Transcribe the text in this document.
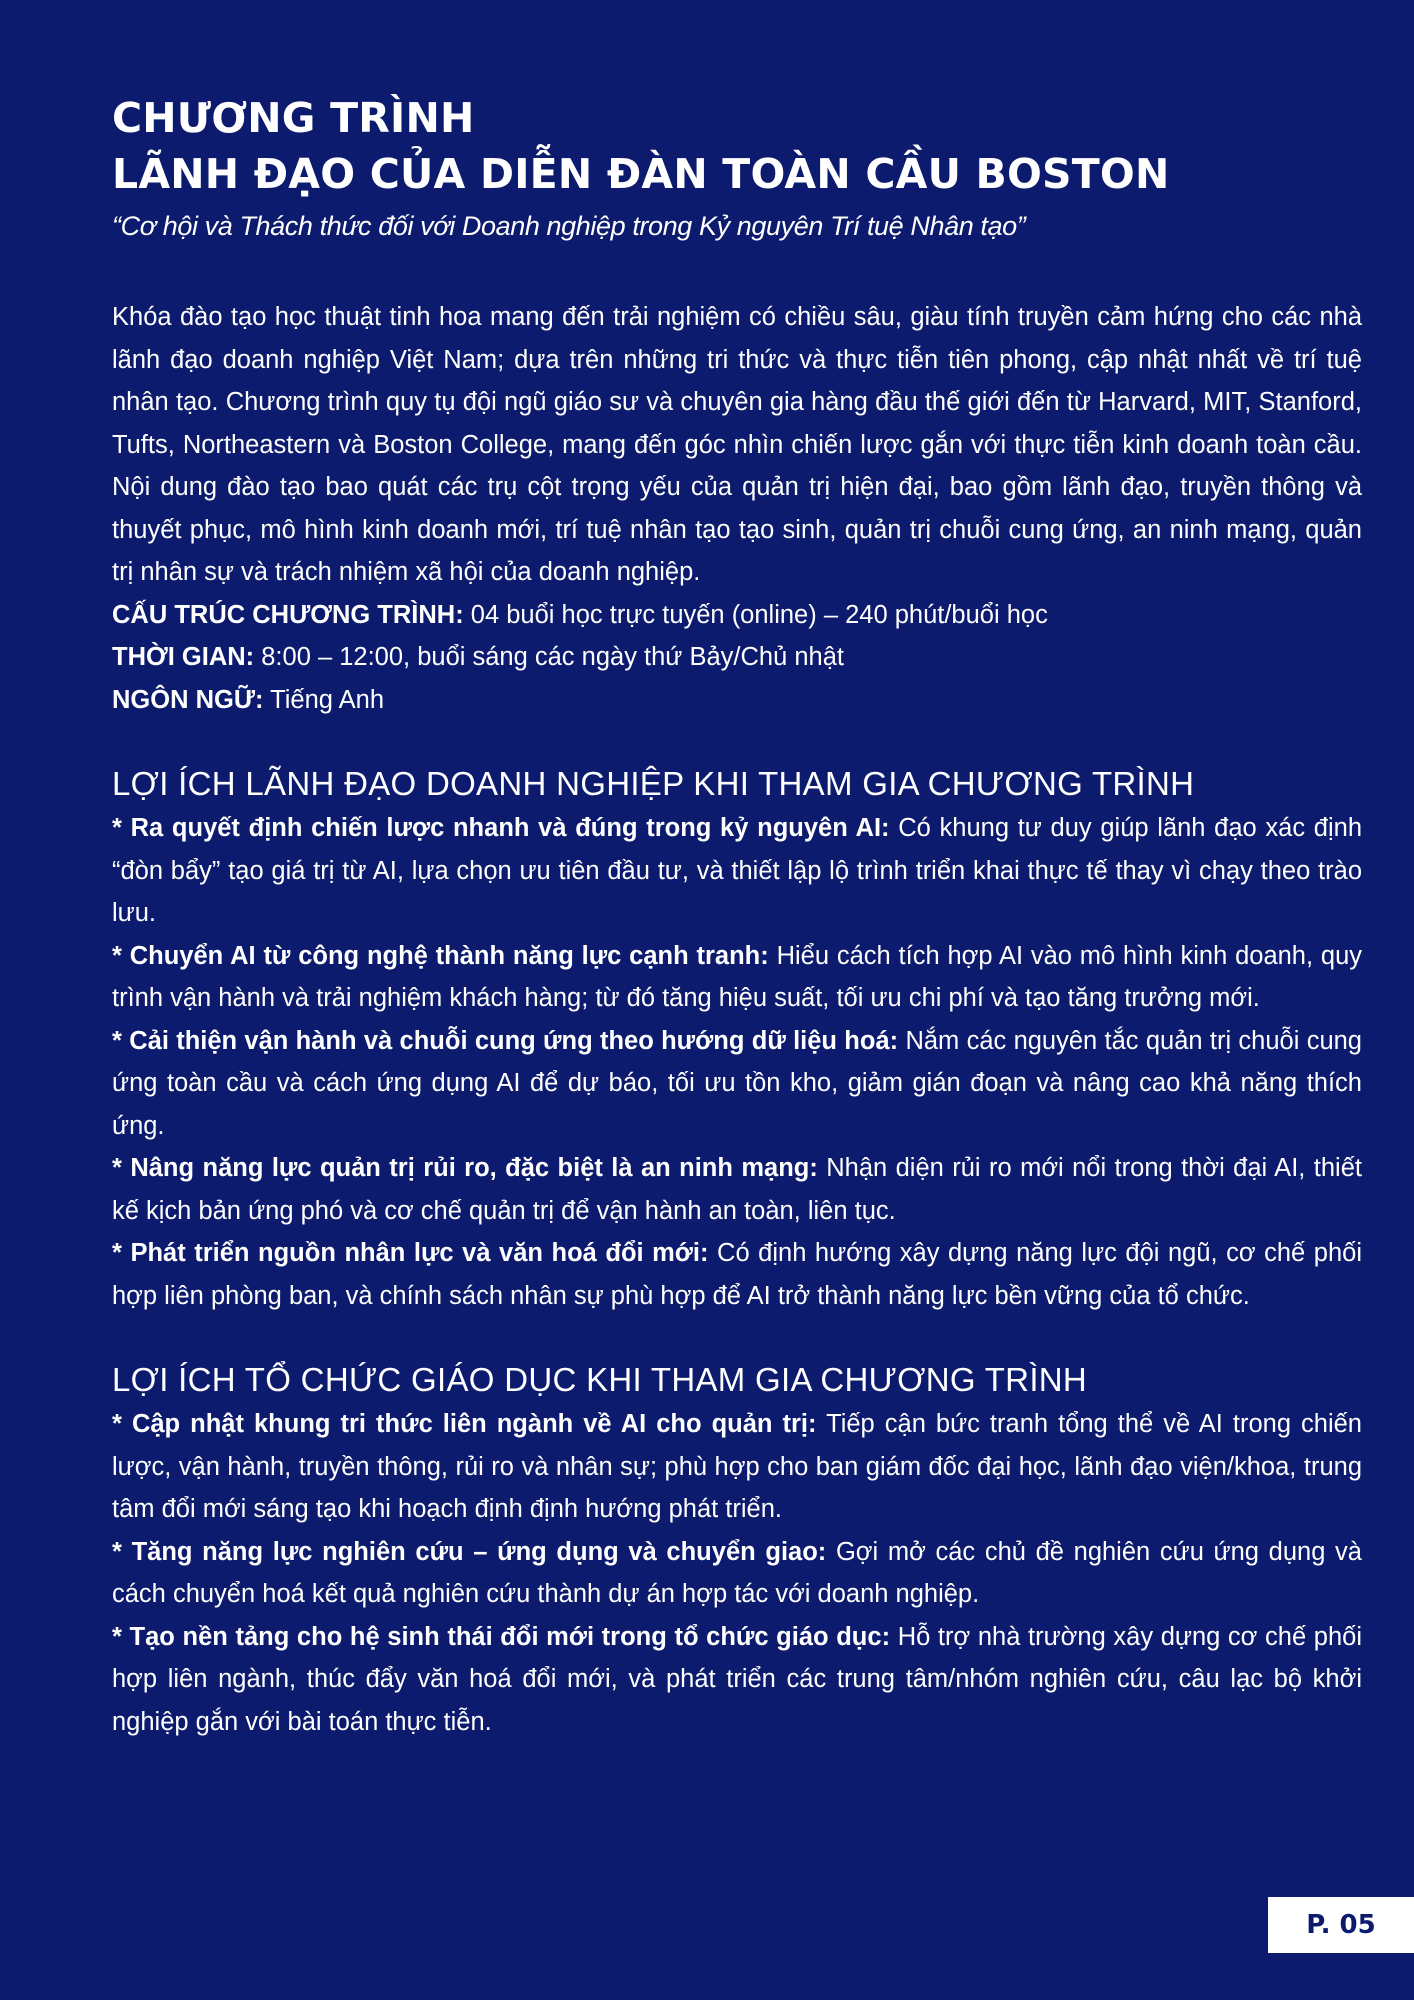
CHƯƠNG TRÌNH
LÃNH ĐẠO CỦA DIỄN ĐÀN TOÀN CẦU BOSTON

“Cơ hội và Thách thức đối với Doanh nghiệp trong Kỷ nguyên Trí tuệ Nhân tạo”

Khóa đào tạo học thuật tinh hoa mang đến trải nghiệm có chiều sâu, giàu tính truyền cảm hứng cho các nhà lãnh đạo doanh nghiệp Việt Nam; dựa trên những tri thức và thực tiễn tiên phong, cập nhật nhất về trí tuệ nhân tạo. Chương trình quy tụ đội ngũ giáo sư và chuyên gia hàng đầu thế giới đến từ Harvard, MIT, Stanford, Tufts, Northeastern và Boston College, mang đến góc nhìn chiến lược gắn với thực tiễn kinh doanh toàn cầu. Nội dung đào tạo bao quát các trụ cột trọng yếu của quản trị hiện đại, bao gồm lãnh đạo, truyền thông và thuyết phục, mô hình kinh doanh mới, trí tuệ nhân tạo tạo sinh, quản trị chuỗi cung ứng, an ninh mạng, quản trị nhân sự và trách nhiệm xã hội của doanh nghiệp.
CẤU TRÚC CHƯƠNG TRÌNH: 04 buổi học trực tuyến (online) – 240 phút/buổi học
THỜI GIAN: 8:00 – 12:00, buổi sáng các ngày thứ Bảy/Chủ nhật
NGÔN NGỮ: Tiếng Anh
LỢI ÍCH LÃNH ĐẠO DOANH NGHIỆP KHI THAM GIA CHƯƠNG TRÌNH
* Ra quyết định chiến lược nhanh và đúng trong kỷ nguyên AI: Có khung tư duy giúp lãnh đạo xác định “đòn bẩy” tạo giá trị từ AI, lựa chọn ưu tiên đầu tư, và thiết lập lộ trình triển khai thực tế thay vì chạy theo trào lưu.
* Chuyển AI từ công nghệ thành năng lực cạnh tranh: Hiểu cách tích hợp AI vào mô hình kinh doanh, quy trình vận hành và trải nghiệm khách hàng; từ đó tăng hiệu suất, tối ưu chi phí và tạo tăng trưởng mới.
* Cải thiện vận hành và chuỗi cung ứng theo hướng dữ liệu hoá: Nắm các nguyên tắc quản trị chuỗi cung ứng toàn cầu và cách ứng dụng AI để dự báo, tối ưu tồn kho, giảm gián đoạn và nâng cao khả năng thích ứng.
* Nâng năng lực quản trị rủi ro, đặc biệt là an ninh mạng: Nhận diện rủi ro mới nổi trong thời đại AI, thiết kế kịch bản ứng phó và cơ chế quản trị để vận hành an toàn, liên tục.
* Phát triển nguồn nhân lực và văn hoá đổi mới: Có định hướng xây dựng năng lực đội ngũ, cơ chế phối hợp liên phòng ban, và chính sách nhân sự phù hợp để AI trở thành năng lực bền vững của tổ chức.
LỢI ÍCH TỔ CHỨC GIÁO DỤC KHI THAM GIA CHƯƠNG TRÌNH
* Cập nhật khung tri thức liên ngành về AI cho quản trị: Tiếp cận bức tranh tổng thể về AI trong chiến lược, vận hành, truyền thông, rủi ro và nhân sự; phù hợp cho ban giám đốc đại học, lãnh đạo viện/khoa, trung tâm đổi mới sáng tạo khi hoạch định định hướng phát triển.
* Tăng năng lực nghiên cứu – ứng dụng và chuyển giao: Gợi mở các chủ đề nghiên cứu ứng dụng và cách chuyển hoá kết quả nghiên cứu thành dự án hợp tác với doanh nghiệp.
* Tạo nền tảng cho hệ sinh thái đổi mới trong tổ chức giáo dục: Hỗ trợ nhà trường xây dựng cơ chế phối hợp liên ngành, thúc đẩy văn hoá đổi mới, và phát triển các trung tâm/nhóm nghiên cứu, câu lạc bộ khởi nghiệp gắn với bài toán thực tiễn.
P. 05
